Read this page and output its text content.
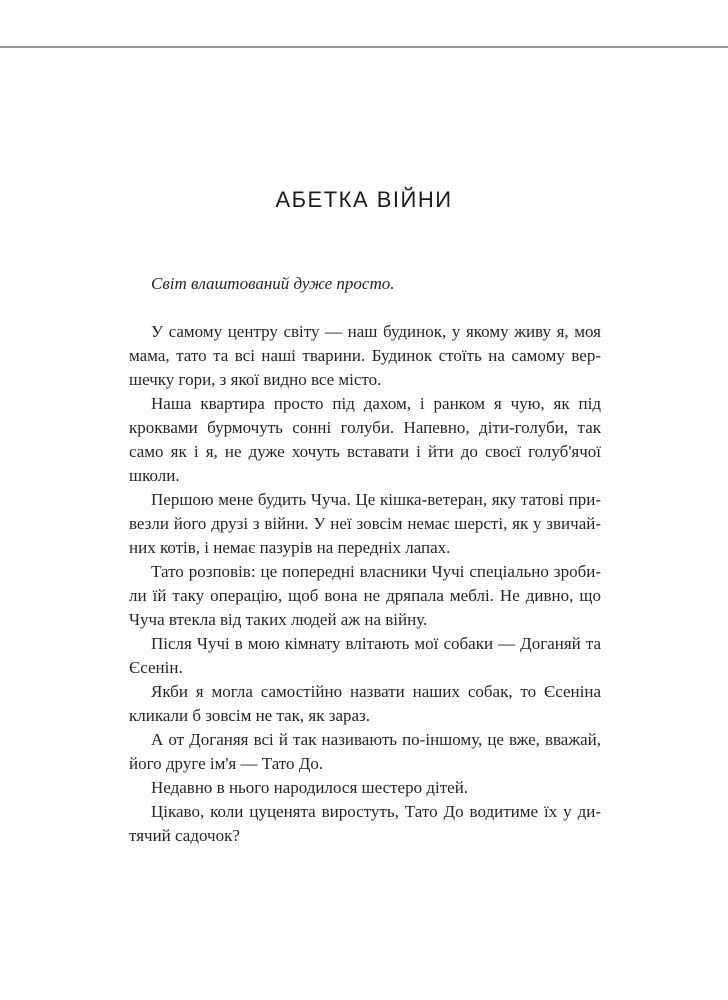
АБЕТКА ВІЙНИ

Світ влаштований дуже просто.

У самому центру світу — наш будинок, у якому живу я, моя
мама, тато та всі наші тварини. Будинок стоїть на самому вер-
шечку гори, з якої видно все місто.
Наша квартира просто під дахом, і ранком я чую, як під
кроквами бурмочуть сонні голуби. Напевно, діти-голуби, так
само як і я, не дуже хочуть вставати і йти до своєї голуб'ячої
школи.
Першою мене будить Чуча. Це кішка-ветеран, яку татові при-
везли його друзі з війни. У неї зовсім немає шерсті, як у звичай-
них котів, і немає пазурів на передніх лапах.
Тато розповів: це попередні власники Чучі спеціально зроби-
ли їй таку операцію, щоб вона не дряпала меблі. Не дивно, що
Чуча втекла від таких людей аж на війну.
Після Чучі в мою кімнату влітають мої собаки — Доганяй та
Єсенін.
Якби я могла самостійно назвати наших собак, то Єсеніна
кликали б зовсім не так, як зараз.
А от Доганяя всі й так називають по-іншому, це вже, вважай,
його друге ім'я — Тато До.
Недавно в нього народилося шестеро дітей.
Цікаво, коли цуценята виростуть, Тато До водитиме їх у ди-
тячий садочок?
